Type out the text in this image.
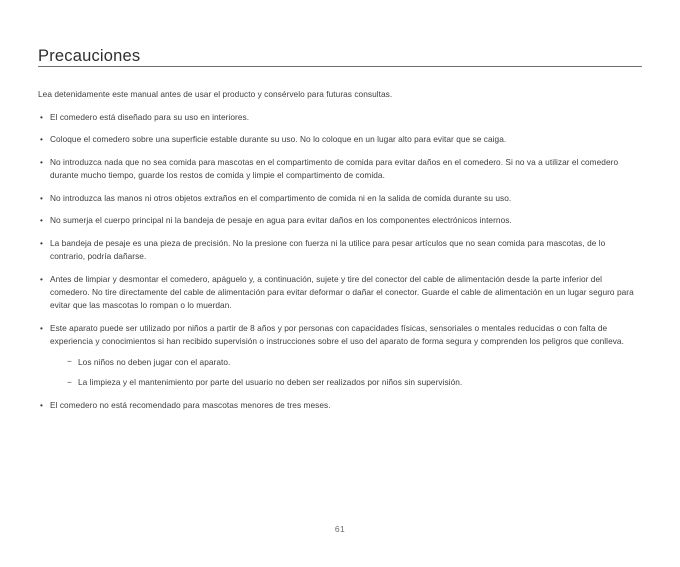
Precauciones

Lea detenidamente este manual antes de usar el producto y consérvelo para futuras consultas.

• El comedero está diseñado para su uso en interiores.
• Coloque el comedero sobre una superficie estable durante su uso. No lo coloque en un lugar alto para evitar que se caiga.
• No introduzca nada que no sea comida para mascotas en el compartimento de comida para evitar daños en el comedero. Si no va a utilizar el comedero durante mucho tiempo, guarde los restos de comida y limpie el compartimento de comida.
• No introduzca las manos ni otros objetos extraños en el compartimento de comida ni en la salida de comida durante su uso.
• No sumerja el cuerpo principal ni la bandeja de pesaje en agua para evitar daños en los componentes electrónicos internos.
• La bandeja de pesaje es una pieza de precisión. No la presione con fuerza ni la utilice para pesar artículos que no sean comida para mascotas, de lo contrario, podría dañarse.
• Antes de limpiar y desmontar el comedero, apáguelo y, a continuación, sujete y tire del conector del cable de alimentación desde la parte inferior del comedero. No tire directamente del cable de alimentación para evitar deformar o dañar el conector. Guarde el cable de alimentación en un lugar seguro para evitar que las mascotas lo rompan o lo muerdan.
• Este aparato puede ser utilizado por niños a partir de 8 años y por personas con capacidades físicas, sensoriales o mentales reducidas o con falta de experiencia y conocimientos si han recibido supervisión o instrucciones sobre el uso del aparato de forma segura y comprenden los peligros que conlleva.
− Los niños no deben jugar con el aparato.
− La limpieza y el mantenimiento por parte del usuario no deben ser realizados por niños sin supervisión.
• El comedero no está recomendado para mascotas menores de tres meses.
61
